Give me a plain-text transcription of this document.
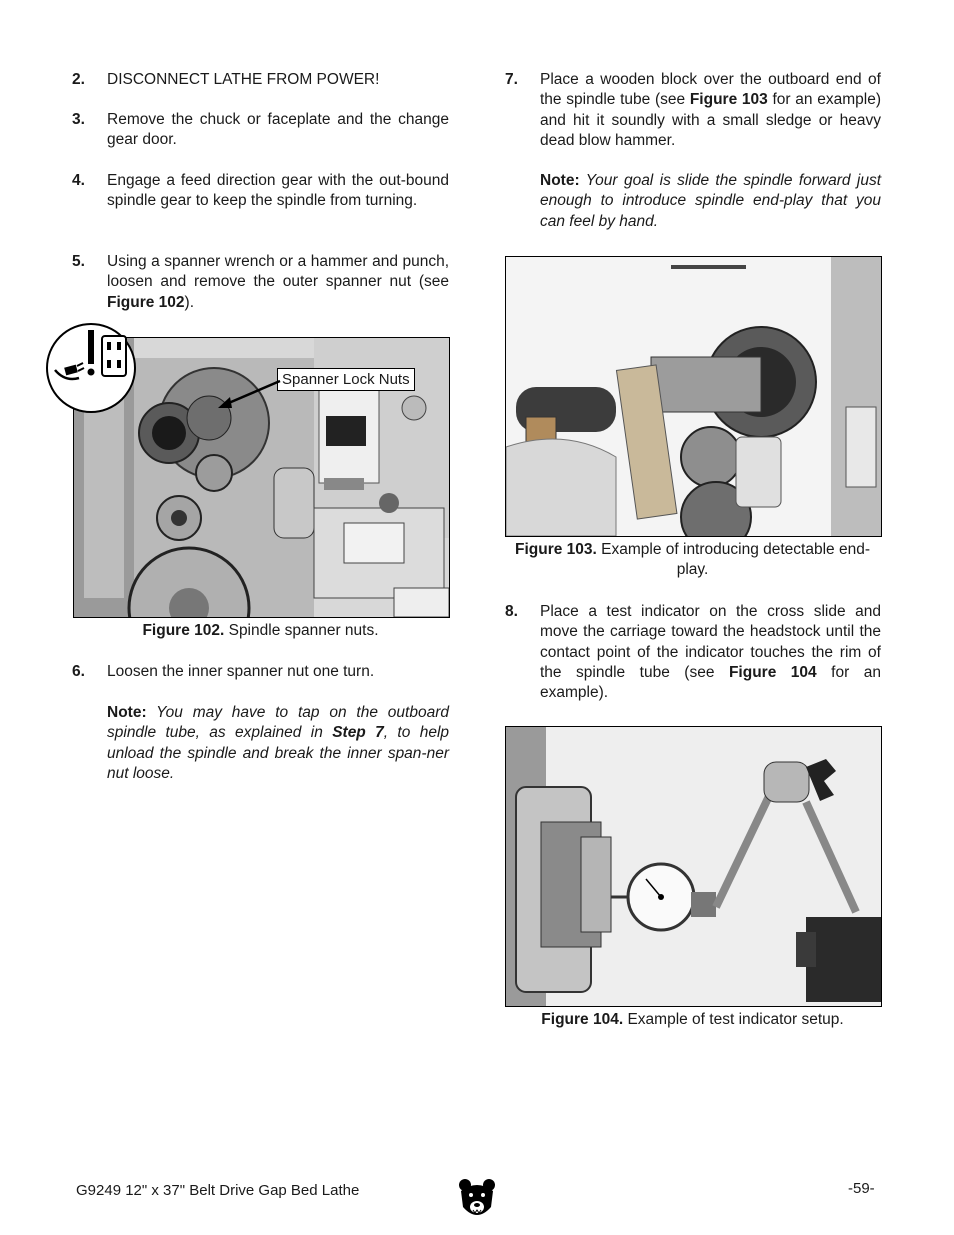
2. DISCONNECT LATHE FROM POWER!
3. Remove the chuck or faceplate and the change gear door.
4. Engage a feed direction gear with the out-bound spindle gear to keep the spindle from turning.
5. Using a spanner wrench or a hammer and punch, loosen and remove the outer spanner nut (see Figure 102).
Spanner Lock Nuts
Figure 102. Spindle spanner nuts.
6. Loosen the inner spanner nut one turn.
Note: You may have to tap on the outboard spindle tube, as explained in Step 7, to help unload the spindle and break the inner span-ner nut loose.
7. Place a wooden block over the outboard end of the spindle tube (see Figure 103 for an example) and hit it soundly with a small sledge or heavy dead blow hammer.
Note: Your goal is slide the spindle forward just enough to introduce spindle end-play that you can feel by hand.
Figure 103. Example of introducing detectable end-play.
8. Place a test indicator on the cross slide and move the carriage toward the headstock until the contact point of the indicator touches the rim of the spindle tube (see Figure 104 for an example).
Figure 104. Example of test indicator setup.
G9249 12" x 37" Belt Drive Gap Bed Lathe	-59-
